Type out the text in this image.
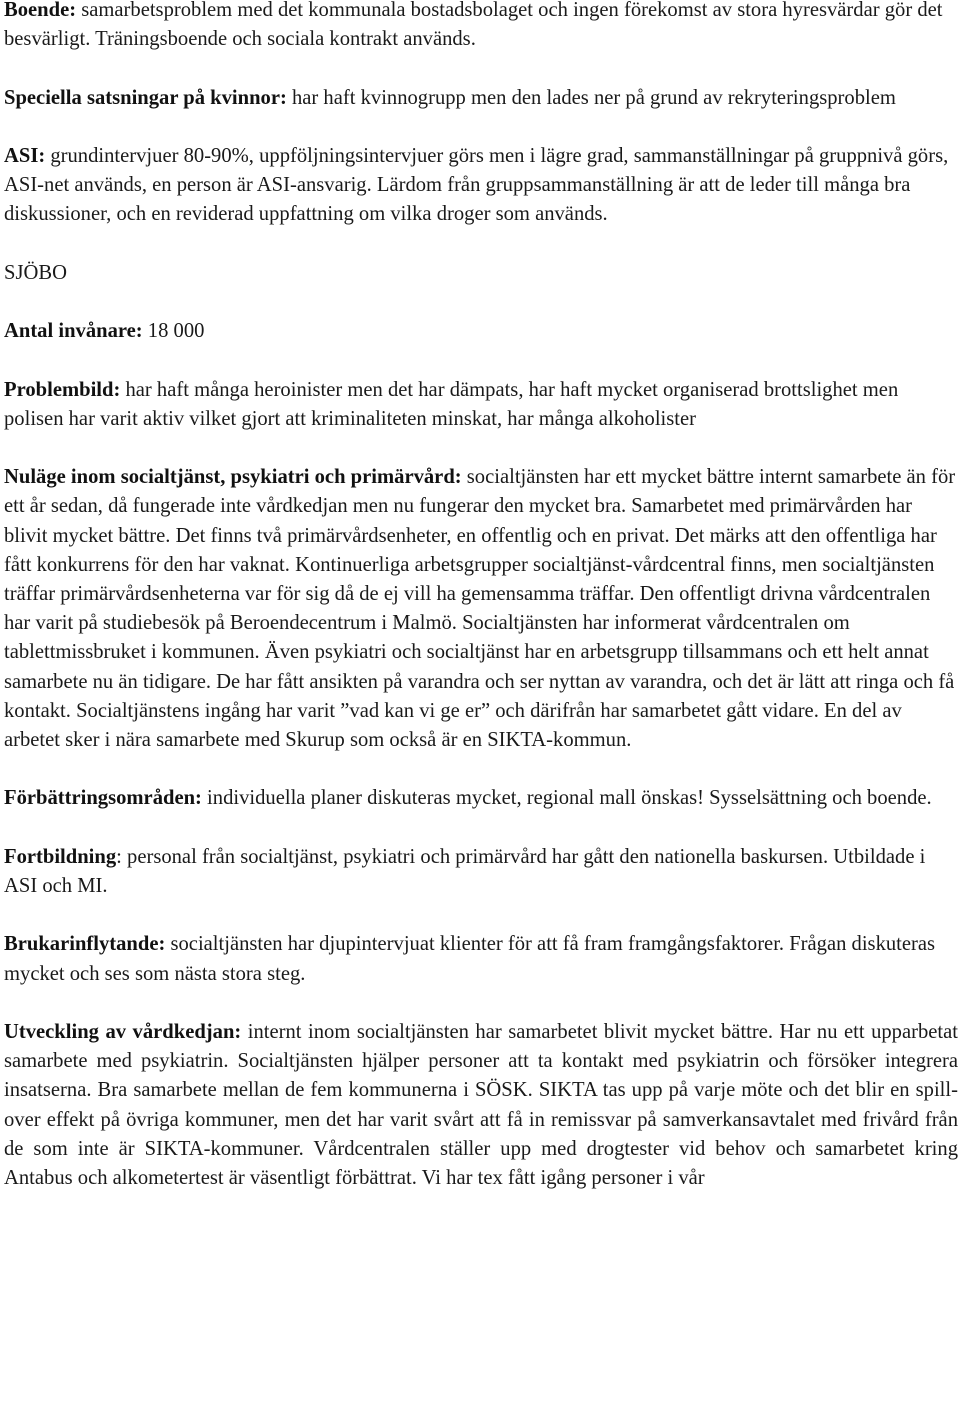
Boende: samarbetsproblem med det kommunala bostadsbolaget och ingen förekomst av stora hyresvärdar gör det besvärligt. Träningsboende och sociala kontrakt används.

Speciella satsningar på kvinnor: har haft kvinnogrupp men den lades ner på grund av rekryteringsproblem

ASI: grundintervjuer 80-90%, uppföljningsintervjuer görs men i lägre grad, sammanställningar på gruppnivå görs, ASI-net används, en person är ASI-ansvarig. Lärdom från gruppsammanställning är att de leder till många bra diskussioner, och en reviderad uppfattning om vilka droger som används.

SJÖBO

Antal invånare: 18 000

Problembild: har haft många heroinister men det har dämpats, har haft mycket organiserad brottslighet men polisen har varit aktiv vilket gjort att kriminaliteten minskat, har många alkoholister

Nuläge inom socialtjänst, psykiatri och primärvård: socialtjänsten har ett mycket bättre internt samarbete än för ett år sedan, då fungerade inte vårdkedjan men nu fungerar den mycket bra. Samarbetet med primärvården har blivit mycket bättre. Det finns två primärvårdsenheter, en offentlig och en privat. Det märks att den offentliga har fått konkurrens för den har vaknat. Kontinuerliga arbetsgrupper socialtjänst-vårdcentral finns, men socialtjänsten träffar primärvårdsenheterna var för sig då de ej vill ha gemensamma träffar. Den offentligt drivna vårdcentralen har varit på studiebesök på Beroendecentrum i Malmö. Socialtjänsten har informerat vårdcentralen om tablettmissbruket i kommunen. Även psykiatri och socialtjänst har en arbetsgrupp tillsammans och ett helt annat samarbete nu än tidigare. De har fått ansikten på varandra och ser nyttan av varandra, och det är lätt att ringa och få kontakt. Socialtjänstens ingång har varit ”vad kan vi ge er” och därifrån har samarbetet gått vidare. En del av arbetet sker i nära samarbete med Skurup som också är en SIKTA-kommun.

Förbättringsområden: individuella planer diskuteras mycket, regional mall önskas! Sysselsättning och boende.

Fortbildning: personal från socialtjänst, psykiatri och primärvård har gått den nationella baskursen. Utbildade i ASI och MI.

Brukarinflytande: socialtjänsten har djupintervjuat klienter för att få fram framgångsfaktorer. Frågan diskuteras mycket och ses som nästa stora steg.

Utveckling av vårdkedjan: internt inom socialtjänsten har samarbetet blivit mycket bättre. Har nu ett upparbetat samarbete med psykiatrin. Socialtjänsten hjälper personer att ta kontakt med psykiatrin och försöker integrera insatserna. Bra samarbete mellan de fem kommunerna i SÖSK. SIKTA tas upp på varje möte och det blir en spill-over effekt på övriga kommuner, men det har varit svårt att få in remissvar på samverkansavtalet med frivård från de som inte är SIKTA-kommuner. Vårdcentralen ställer upp med drogtester vid behov och samarbetet kring Antabus och alkometertest är väsentligt förbättrat. Vi har tex fått igång personer i vår
